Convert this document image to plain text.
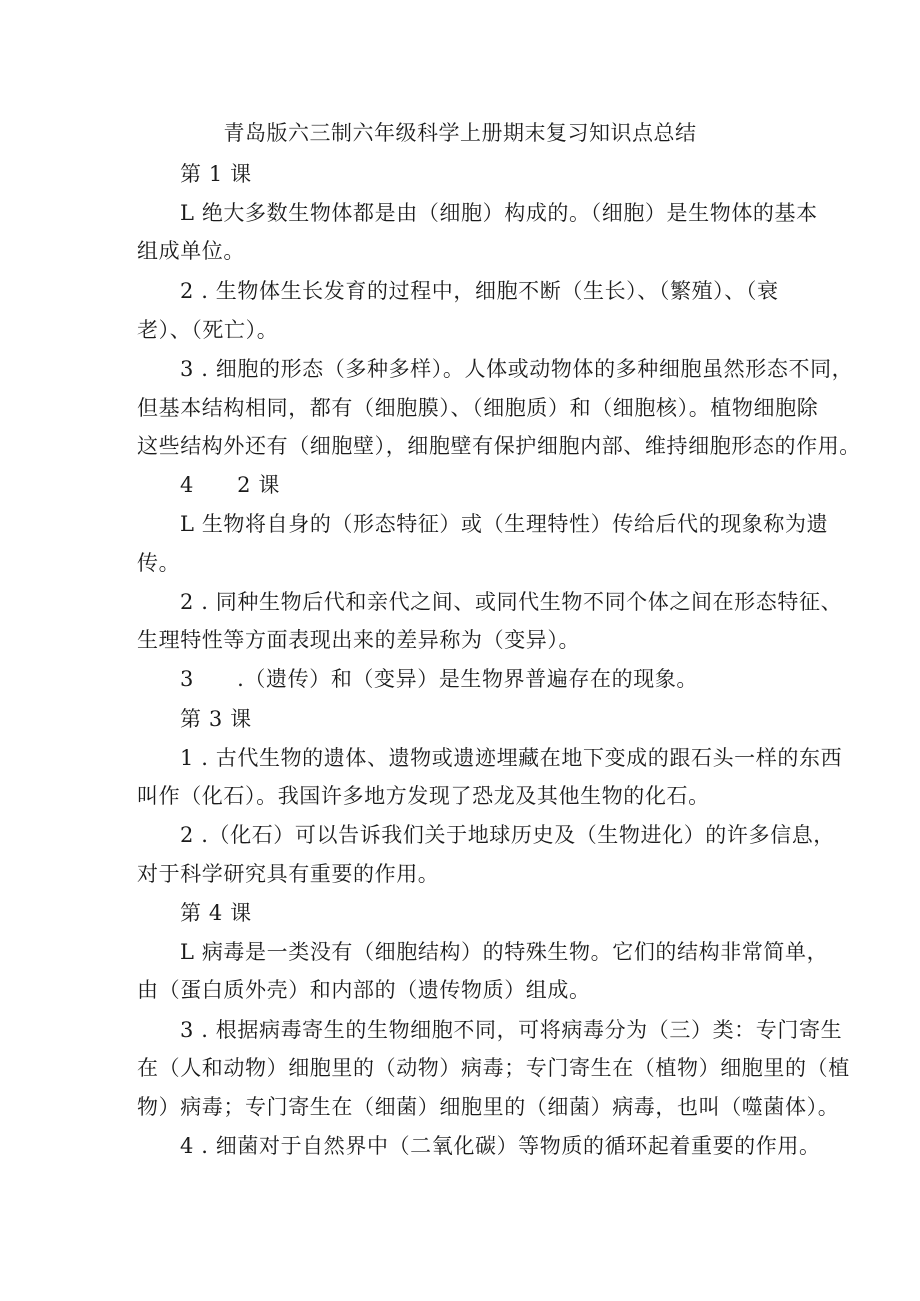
青岛版六三制六年级科学上册期末复习知识点总结
第 1 课
L 绝大多数生物体都是由（细胞）构成的。（细胞）是生物体的基本
组成单位。
2 . 生物体生长发育的过程中，细胞不断（生长）、（繁殖）、（衰
老）、（死亡）。
3 . 细胞的形态（多种多样）。人体或动物体的多种细胞虽然形态不同，
但基本结构相同，都有（细胞膜）、（细胞质）和（细胞核）。植物细胞除
这些结构外还有（细胞壁），细胞壁有保护细胞内部、维持细胞形态的作用。
4　　2 课
L 生物将自身的（形态特征）或（生理特性）传给后代的现象称为遗
传。
2 . 同种生物后代和亲代之间、或同代生物不同个体之间在形态特征、
生理特性等方面表现出来的差异称为（变异）。
3　　.（遗传）和（变异）是生物界普遍存在的现象。
第 3 课
1 . 古代生物的遗体、遗物或遗迹埋藏在地下变成的跟石头一样的东西
叫作（化石）。我国许多地方发现了恐龙及其他生物的化石。
2 .（化石）可以告诉我们关于地球历史及（生物进化）的许多信息，
对于科学研究具有重要的作用。
第 4 课
L 病毒是一类没有（细胞结构）的特殊生物。它们的结构非常简单，
由（蛋白质外壳）和内部的（遗传物质）组成。
3 . 根据病毒寄生的生物细胞不同，可将病毒分为（三）类：专门寄生
在（人和动物）细胞里的（动物）病毒；专门寄生在（植物）细胞里的（植
物）病毒；专门寄生在（细菌）细胞里的（细菌）病毒，也叫（噬菌体）。
4 . 细菌对于自然界中（二氧化碳）等物质的循环起着重要的作用。
